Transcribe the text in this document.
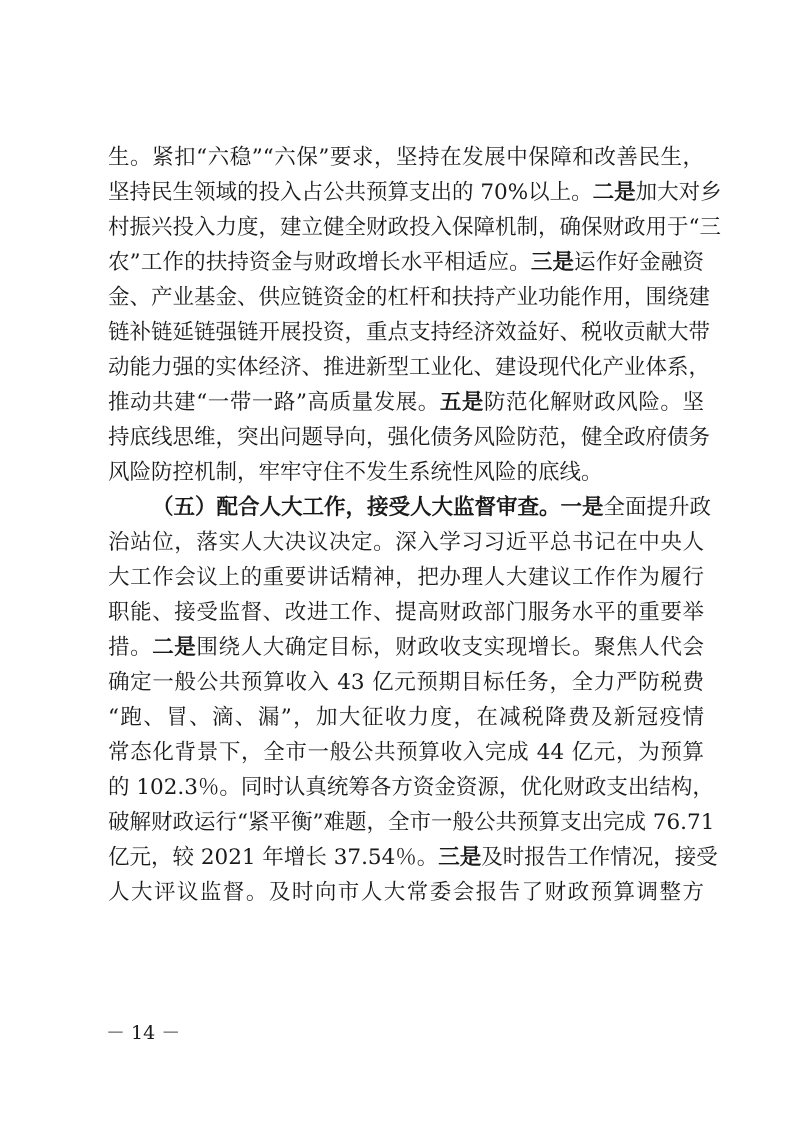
生。紧扣“六稳”“六保”要求，坚持在发展中保障和改善民生，
坚持民生领域的投入占公共预算支出的 70%以上。二是加大对乡
村振兴投入力度，建立健全财政投入保障机制，确保财政用于“三
农”工作的扶持资金与财政增长水平相适应。三是运作好金融资
金、产业基金、供应链资金的杠杆和扶持产业功能作用，围绕建
链补链延链强链开展投资，重点支持经济效益好、税收贡献大带
动能力强的实体经济、推进新型工业化、建设现代化产业体系，
推动共建“一带一路”高质量发展。五是防范化解财政风险。坚
持底线思维，突出问题导向，强化债务风险防范，健全政府债务
风险防控机制，牢牢守住不发生系统性风险的底线。
（五）配合人大工作，接受人大监督审查。一是全面提升政
治站位，落实人大决议决定。深入学习习近平总书记在中央人
大工作会议上的重要讲话精神，把办理人大建议工作作为履行
职能、接受监督、改进工作、提高财政部门服务水平的重要举
措。二是围绕人大确定目标，财政收支实现增长。聚焦人代会
确定一般公共预算收入 43 亿元预期目标任务，全力严防税费
“跑、冒、滴、漏”，加大征收力度，在减税降费及新冠疫情
常态化背景下，全市一般公共预算收入完成 44 亿元，为预算
的 102.3％。同时认真统筹各方资金资源，优化财政支出结构，
破解财政运行“紧平衡”难题，全市一般公共预算支出完成 76.71
亿元，较 2021 年增长 37.54％。三是及时报告工作情况，接受
人大评议监督。及时向市人大常委会报告了财政预算调整方
－ 14 －
